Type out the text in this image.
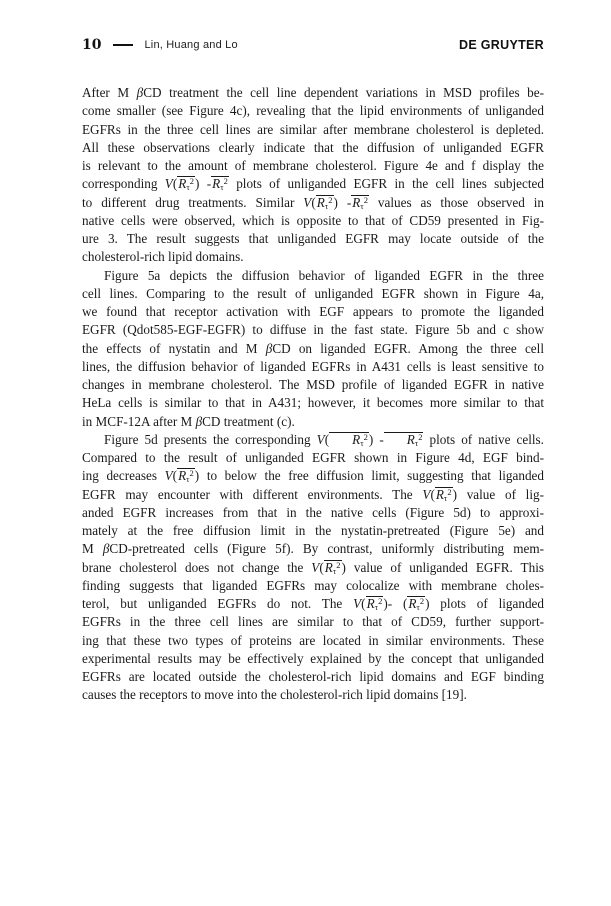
10	Lin, Huang and Lo	DE GRUYTER
After M βCD treatment the cell line dependent variations in MSD profiles be-
come smaller (see Figure 4c), revealing that the lipid environments of unliganded
EGFRs in the three cell lines are similar after membrane cholesterol is depleted.
All these observations clearly indicate that the diffusion of unliganded EGFR
is relevant to the amount of membrane cholesterol. Figure 4e and f display the
corresponding $V(R_\tau^2)$ $-R_\tau^2$ plots of unliganded EGFR in the cell lines subjected
to different drug treatments. Similar $V(R_\tau^2)$ $-R_\tau^2$ values as those observed in
native cells were observed, which is opposite to that of CD59 presented in Fig-
ure 3. The result suggests that unliganded EGFR may locate outside of the
cholesterol-rich lipid domains.
Figure 5a depicts the diffusion behavior of liganded EGFR in the three
cell lines. Comparing to the result of unliganded EGFR shown in Figure 4a,
we found that receptor activation with EGF appears to promote the liganded
EGFR (Qdot585-EGF-EGFR) to diffuse in the fast state. Figure 5b and c show
the effects of nystatin and M βCD on liganded EGFR. Among the three cell
lines, the diffusion behavior of liganded EGFRs in A431 cells is least sensitive to
changes in membrane cholesterol. The MSD profile of liganded EGFR in native
HeLa cells is similar to that in A431; however, it becomes more similar to that
in MCF-12A after M βCD treatment (c).
Figure 5d presents the corresponding V( $R_\tau^2) - R_\tau^2$ plots of native cells.
Compared to the result of unliganded EGFR shown in Figure 4d, EGF bind-
ing decreases $V(R_\tau^2)$ to below the free diffusion limit, suggesting that liganded
EGFR may encounter with different environments. The $V(R_\tau^2)$ value of lig-
anded EGFR increases from that in the native cells (Figure 5d) to approxi-
mately at the free diffusion limit in the nystatin-pretreated (Figure 5e) and
M βCD-pretreated cells (Figure 5f). By contrast, uniformly distributing mem-
brane cholesterol does not change the $V(R_\tau^2)$ value of unliganded EGFR. This
finding suggests that liganded EGFRs may colocalize with membrane choles-
terol, but unliganded EGFRs do not. The $V(R_\tau^2)-$ $(R_\tau^2)$ plots of liganded
EGFRs in the three cell lines are similar to that of CD59, further support-
ing that these two types of proteins are located in similar environments. These
experimental results may be effectively explained by the concept that unliganded
EGFRs are located outside the cholesterol-rich lipid domains and EGF binding
causes the receptors to move into the cholesterol-rich lipid domains [19].
